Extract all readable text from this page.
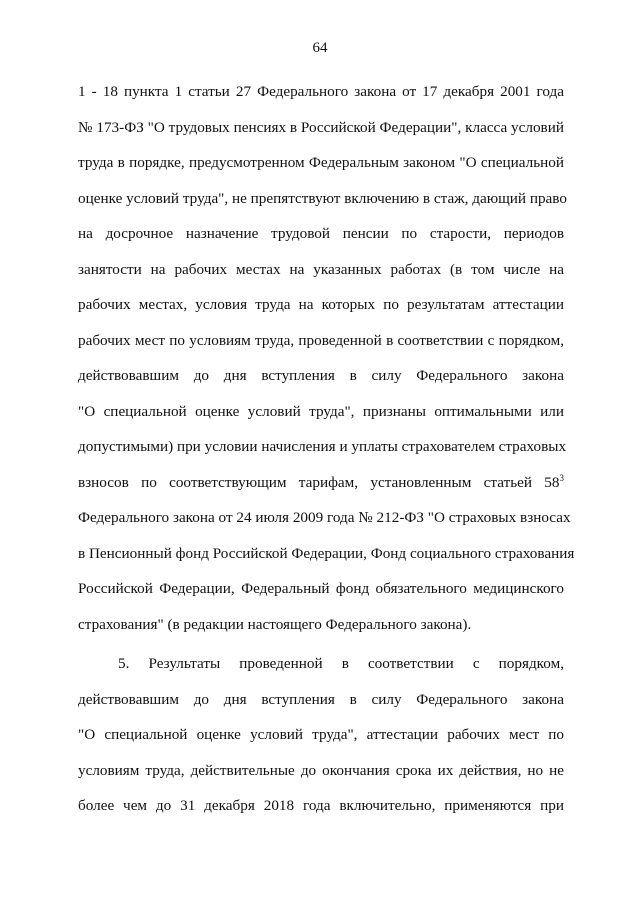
64
1 - 18 пункта 1 статьи 27 Федерального закона от 17 декабря 2001 года
№ 173-ФЗ "О трудовых пенсиях в Российской Федерации", класса условий
труда в порядке, предусмотренном Федеральным законом "О специальной
оценке условий труда", не препятствуют включению в стаж, дающий право
на досрочное назначение трудовой пенсии по старости, периодов
занятости на рабочих местах на указанных работах (в том числе на
рабочих местах, условия труда на которых по результатам аттестации
рабочих мест по условиям труда, проведенной в соответствии с порядком,
действовавшим до дня вступления в силу Федерального закона
"О специальной оценке условий труда", признаны оптимальными или
допустимыми) при условии начисления и уплаты страхователем страховых
взносов по соответствующим тарифам, установленным статьей $58^3$
Федерального закона от 24 июля 2009 года № 212-ФЗ "О страховых взносах
в Пенсионный фонд Российской Федерации, Фонд социального страхования
Российской Федерации, Федеральный фонд обязательного медицинского
страхования" (в редакции настоящего Федерального закона).
5. Результаты проведенной в соответствии с порядком,
действовавшим до дня вступления в силу Федерального закона
"О специальной оценке условий труда", аттестации рабочих мест по
условиям труда, действительные до окончания срока их действия, но не
более чем до 31 декабря 2018 года включительно, применяются при
